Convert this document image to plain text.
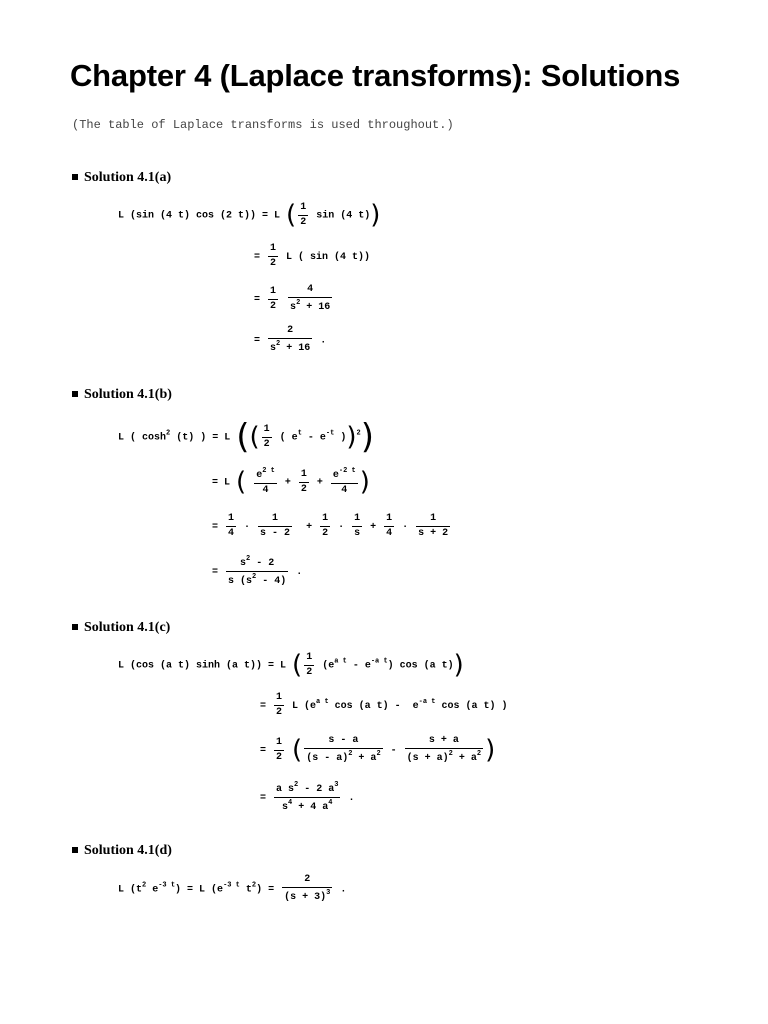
Chapter 4 (Laplace transforms): Solutions
(The table of Laplace transforms is used throughout.)
Solution 4.1(a)
L (sin (4 t) cos (2 t)) = L ( $\frac{1}{2}$ sin (4 t))
= $\frac{1}{2}$ L ( sin (4 t))
= $\frac{1}{2}$
$\frac{4}{s^2 + 16}$
= $\frac{2}{s^2 + 16}$ .
Solution 4.1(b)
L ( $\cosh^2 (t)$ ) = L (( $\frac{1}{2}$ ( $e^t - e^{-t}$ ))$^2$)
= L ( $\frac{e^{2 t}}{4} + \frac{1}{2} + \frac{e^{-2 t}}{4}$ )
= $\frac{1}{4} \cdot \frac{1}{s - 2} + \frac{1}{2} \cdot \frac{1}{s} + \frac{1}{4} \cdot \frac{1}{s + 2}$
= $\frac{s^2 - 2}{s (s^2 - 4)}$ .
Solution 4.1(c)
L (cos (a t) sinh (a t)) = L ( $\frac{1}{2} (e^{a t} - e^{-a t})$ cos (a t))
= $\frac{1}{2}$ L ($e^{a t}$ cos (a $t) - e^{-a t}$ cos (a t) )
= $\frac{1}{2}$ ( $\frac{s - a}{(s - a)^2 + a^2} - \frac{s + a}{(s + a)^2 + a^2}$ )
= $\frac{a s^2 - 2 a^3}{s^4 + 4 a^4}$ .
Solution 4.1(d)
L ($t^2$ $e^{-3 t}) = L$ ($e^{-3 t}$ $t^2) = \frac{2}{(s + 3)^3}$ .
